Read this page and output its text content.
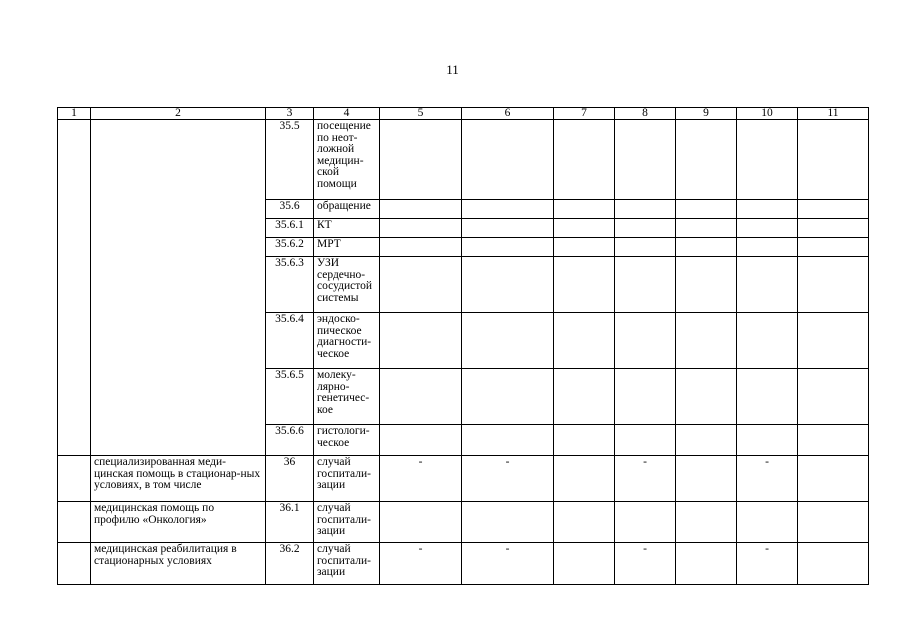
11
1	2	3	4	5	6	7	8	9	10	11
		35.5	посещение по неот-ложной медицин-ской помощи							
		35.6	обращение							
		35.6.1	КТ							
		35.6.2	МРТ							
		35.6.3	УЗИ сердечно-сосудистой системы							
		35.6.4	эндоско-пическое диагности-ческое							
		35.6.5	молеку-лярно-генетичес-кое							
		35.6.6	гистологи-ческое							
	специализированная меди-цинская помощь в стационар-ных условиях, в том числе	36	случай госпитали-зации	-	-		-		-	
	медицинская помощь по профилю «Онкология»	36.1	случай госпитали-зации							
	медицинская реабилитация в стационарных условиях	36.2	случай госпитали-зации	-	-		-		-	
